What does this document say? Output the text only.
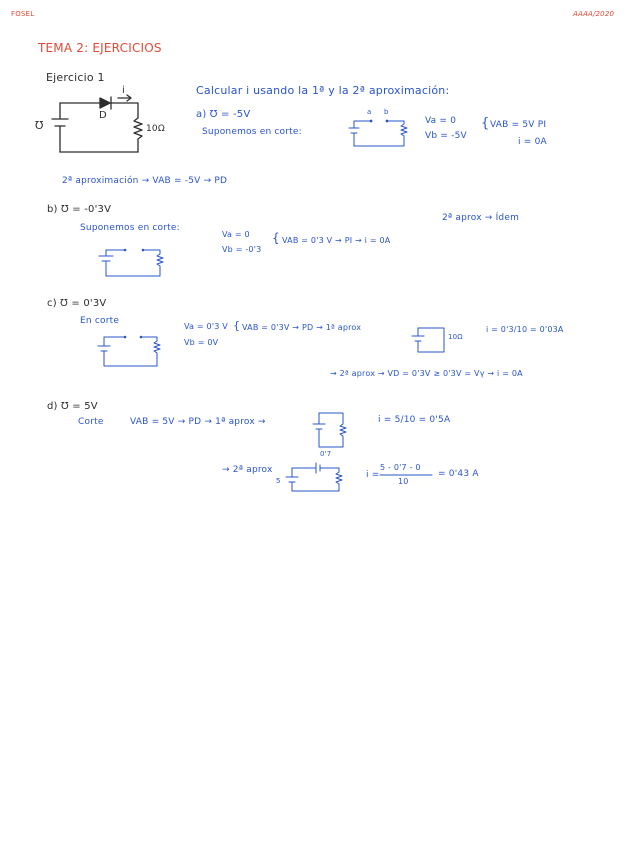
FOSEL	AAAA/2020
TEMA 2: EJERCICIOS
Ejercicio 1
D
i
Ʊ	10Ω
Calcular i usando la 1ª y la 2ª aproximación:
a) Ʊ = -5V
Suponemos en corte:
a b
Va = 0
Vb = -5V
{ VAB = 5V PI
i = 0A
2ª aproximación → VAB = -5V → PD
b) Ʊ = -0'3V
2ª aprox → Ídem
Suponemos en corte:
Va = 0
Vb = -0'3
{ VAB = 0'3 V → PI → i = 0A
c) Ʊ = 0'3V
En corte
Va = 0'3 V
Vb = 0V
{ VAB = 0'3V → PD → 1ª aprox
10Ω
i = 0'3/10 = 0'03A
→ 2ª aprox → VD = 0'3V ≥ 0'3V = Vγ → i = 0A
d) Ʊ = 5V
Corte	VAB = 5V → PD → 1ª aprox →	i = 5/10 = 0'5A
→ 2ª aprox
0'7
5
i =
5 - 0'7 - 0
10
= 0'43 A
